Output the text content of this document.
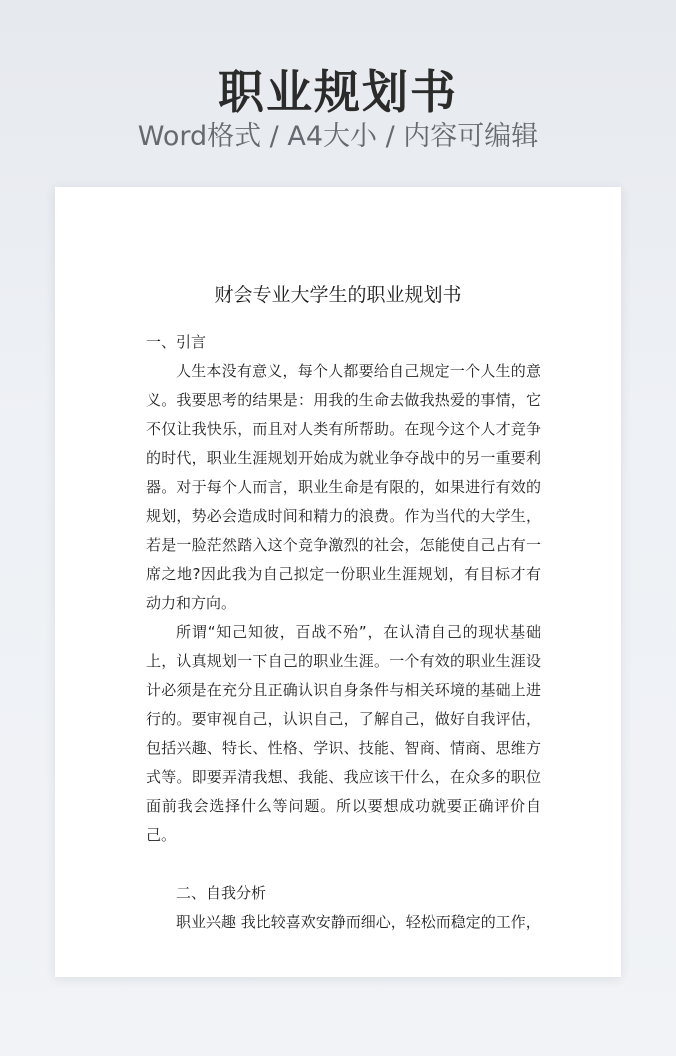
职业规划书
Word格式 / A4大小 / 内容可编辑
财会专业大学生的职业规划书

一、引言

人生本没有意义，每个人都要给自己规定一个人生的意义。我要思考的结果是：用我的生命去做我热爱的事情，它不仅让我快乐，而且对人类有所帮助。在现今这个人才竞争的时代，职业生涯规划开始成为就业争夺战中的另一重要利器。对于每个人而言，职业生命是有限的，如果进行有效的规划，势必会造成时间和精力的浪费。作为当代的大学生，若是一脸茫然踏入这个竞争激烈的社会，怎能使自己占有一席之地?因此我为自己拟定一份职业生涯规划，有目标才有动力和方向。

所谓“知己知彼，百战不殆”，在认清自己的现状基础上，认真规划一下自己的职业生涯。一个有效的职业生涯设计必须是在充分且正确认识自身条件与相关环境的基础上进行的。要审视自己，认识自己，了解自己，做好自我评估，包括兴趣、特长、性格、学识、技能、智商、情商、思维方式等。即要弄清我想、我能、我应该干什么，在众多的职位面前我会选择什么等问题。所以要想成功就要正确评价自己。

二、自我分析

职业兴趣 我比较喜欢安静而细心，轻松而稳定的工作，
